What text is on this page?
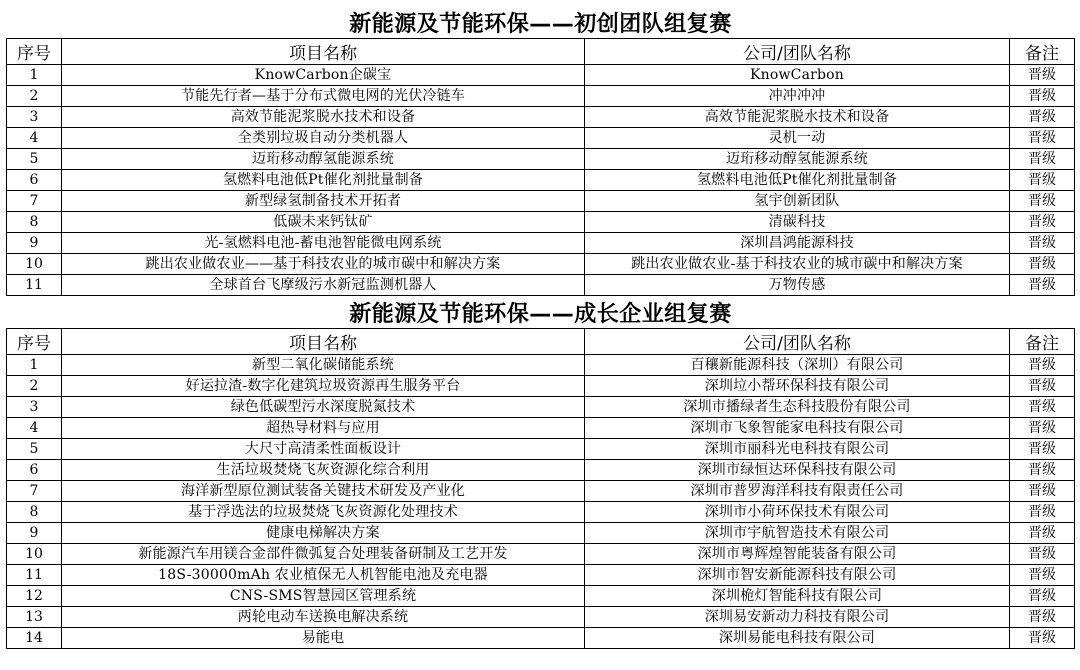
新能源及节能环保——初创团队组复赛			
序号	项目名称	公司/团队名称	备注
1	KnowCarbon企碳宝	KnowCarbon	晋级
2	节能先行者—基于分布式微电网的光伏冷链车	冲冲冲冲	晋级
3	高效节能泥浆脱水技术和设备	高效节能泥浆脱水技术和设备	晋级
4	全类别垃圾自动分类机器人	灵机一动	晋级
5	迈珩移动醇氢能源系统	迈珩移动醇氢能源系统	晋级
6	氢燃料电池低Pt催化剂批量制备	氢燃料电池低Pt催化剂批量制备	晋级
7	新型绿氢制备技术开拓者	氢宇创新团队	晋级
8	低碳未来钙钛矿	清碳科技	晋级
9	光-氢燃料电池-蓄电池智能微电网系统	深圳昌鸿能源科技	晋级
10	跳出农业做农业——基于科技农业的城市碳中和解决方案	跳出农业做农业-基于科技农业的城市碳中和解决方案	晋级
11	全球首台飞摩级污水新冠监测机器人	万物传感	晋级
新能源及节能环保——成长企业组复赛			
序号	项目名称	公司/团队名称	备注
1	新型二氧化碳储能系统	百穰新能源科技（深圳）有限公司	晋级
2	好运拉渣-数字化建筑垃圾资源再生服务平台	深圳垃小帮环保科技有限公司	晋级
3	绿色低碳型污水深度脱氮技术	深圳市播绿者生态科技股份有限公司	晋级
4	超热导材料与应用	深圳市飞象智能家电科技有限公司	晋级
5	大尺寸高清柔性面板设计	深圳市丽科光电科技有限公司	晋级
6	生活垃圾焚烧飞灰资源化综合利用	深圳市绿恒达环保科技有限公司	晋级
7	海洋新型原位测试装备关键技术研发及产业化	深圳市普罗海洋科技有限责任公司	晋级
8	基于浮选法的垃圾焚烧飞灰资源化处理技术	深圳市小荷环保技术有限公司	晋级
9	健康电梯解决方案	深圳市宇航智造技术有限公司	晋级
10	新能源汽车用镁合金部件微弧复合处理装备研制及工艺开发	深圳市粤辉煌智能装备有限公司	晋级
11	18S-30000mAh 农业植保无人机智能电池及充电器	深圳市智安新能源科技有限公司	晋级
12	CNS-SMS智慧园区管理系统	深圳桅灯智能科技有限公司	晋级
13	两轮电动车送换电解决系统	深圳易安新动力科技有限公司	晋级
14	易能电	深圳易能电科技有限公司	晋级
